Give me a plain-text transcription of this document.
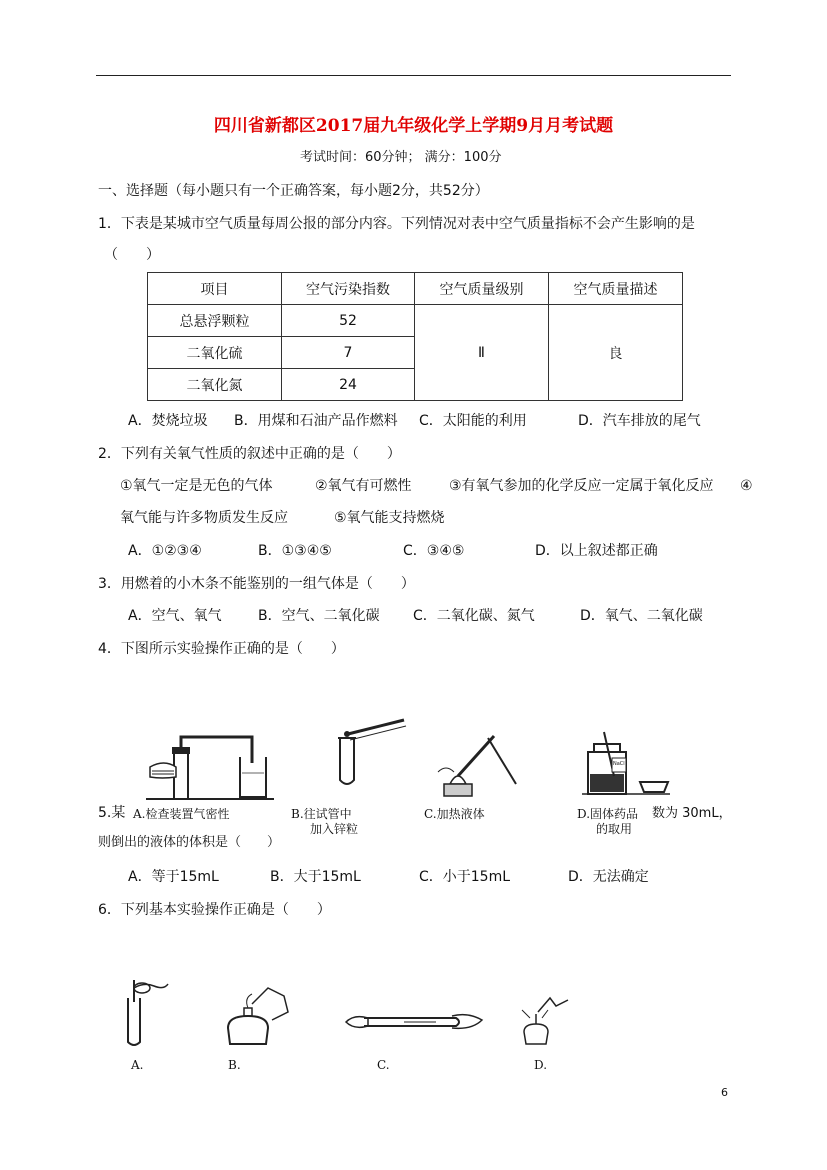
四川省新都区2017届九年级化学上学期9月月考试题
考试时间：60分钟； 满分：100分
一、选择题（每小题只有一个正确答案，每小题2分，共52分）
1．下表是某城市空气质量每周公报的部分内容。下列情况对表中空气质量指标不会产生影响的是
（　　）
项目	空气污染指数	空气质量级别	空气质量描述
总悬浮颗粒	52	Ⅱ	良
二氧化硫	7		
二氧化氮	24		
A．焚烧垃圾 B．用煤和石油产品作燃料 C．太阳能的利用	D．汽车排放的尾气
2．下列有关氧气性质的叙述中正确的是（　　）
①氧气一定是无色的气体	②氧气有可燃性	③有氧气参加的化学反应一定属于氧化反应 ④
氧气能与许多物质发生反应	⑤氧气能支持燃烧
A．①②③④	B．①③④⑤	C．③④⑤	D．以上叙述都正确
3．用燃着的小木条不能鉴别的一组气体是（　　）
A．空气、氧气	B．空气、二氧化碳 C．二氧化碳、氮气	D．氧气、二氧化碳
4．下图所示实验操作正确的是（　　）
A.检查装置气密性	B.往试管中
加入锌粒
C.加热液体
NaCl
D.固体药品
的取用
5.某	数为 30mL，
则倒出的液体的体积是（　　）
A．等于15mL	B．大于15mL	C．小于15mL	D．无法确定
6．下列基本实验操作正确是（　　）
A.	B.	C.	D.
6
